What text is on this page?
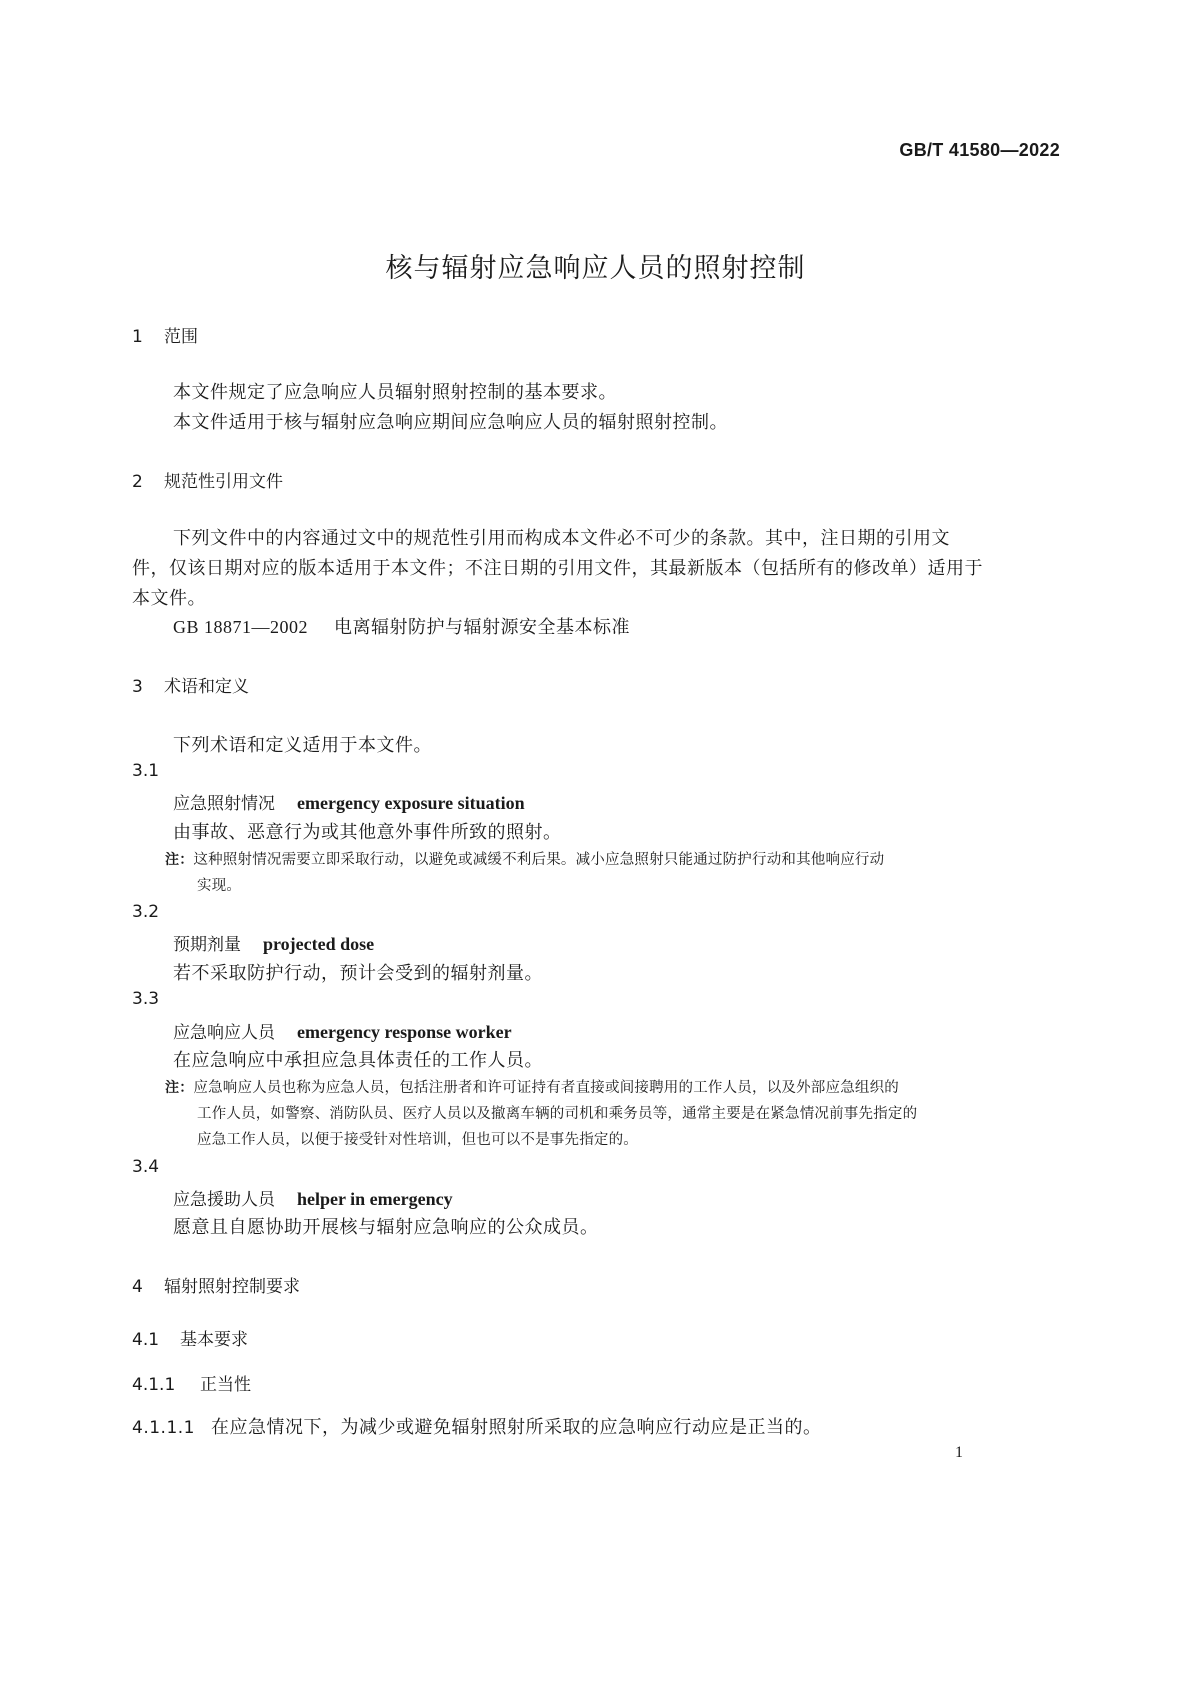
GB/T 41580—2022
核与辐射应急响应人员的照射控制
1 范围
本文件规定了应急响应人员辐射照射控制的基本要求。
本文件适用于核与辐射应急响应期间应急响应人员的辐射照射控制。
2 规范性引用文件
下列文件中的内容通过文中的规范性引用而构成本文件必不可少的条款。其中，注日期的引用文
件，仅该日期对应的版本适用于本文件；不注日期的引用文件，其最新版本（包括所有的修改单）适用于
本文件。
GB 18871—2002 电离辐射防护与辐射源安全基本标准
3 术语和定义
下列术语和定义适用于本文件。
3.1
应急照射情况 emergency exposure situation
由事故、恶意行为或其他意外事件所致的照射。
注：这种照射情况需要立即采取行动，以避免或减缓不利后果。减小应急照射只能通过防护行动和其他响应行动
实现。
3.2
预期剂量 projected dose
若不采取防护行动，预计会受到的辐射剂量。
3.3
应急响应人员 emergency response worker
在应急响应中承担应急具体责任的工作人员。
注：应急响应人员也称为应急人员，包括注册者和许可证持有者直接或间接聘用的工作人员，以及外部应急组织的
工作人员，如警察、消防队员、医疗人员以及撤离车辆的司机和乘务员等，通常主要是在紧急情况前事先指定的
应急工作人员，以便于接受针对性培训，但也可以不是事先指定的。
3.4
应急援助人员 helper in emergency
愿意且自愿协助开展核与辐射应急响应的公众成员。
4 辐射照射控制要求
4.1 基本要求
4.1.1 正当性
4.1.1.1 在应急情况下，为减少或避免辐射照射所采取的应急响应行动应是正当的。
1
